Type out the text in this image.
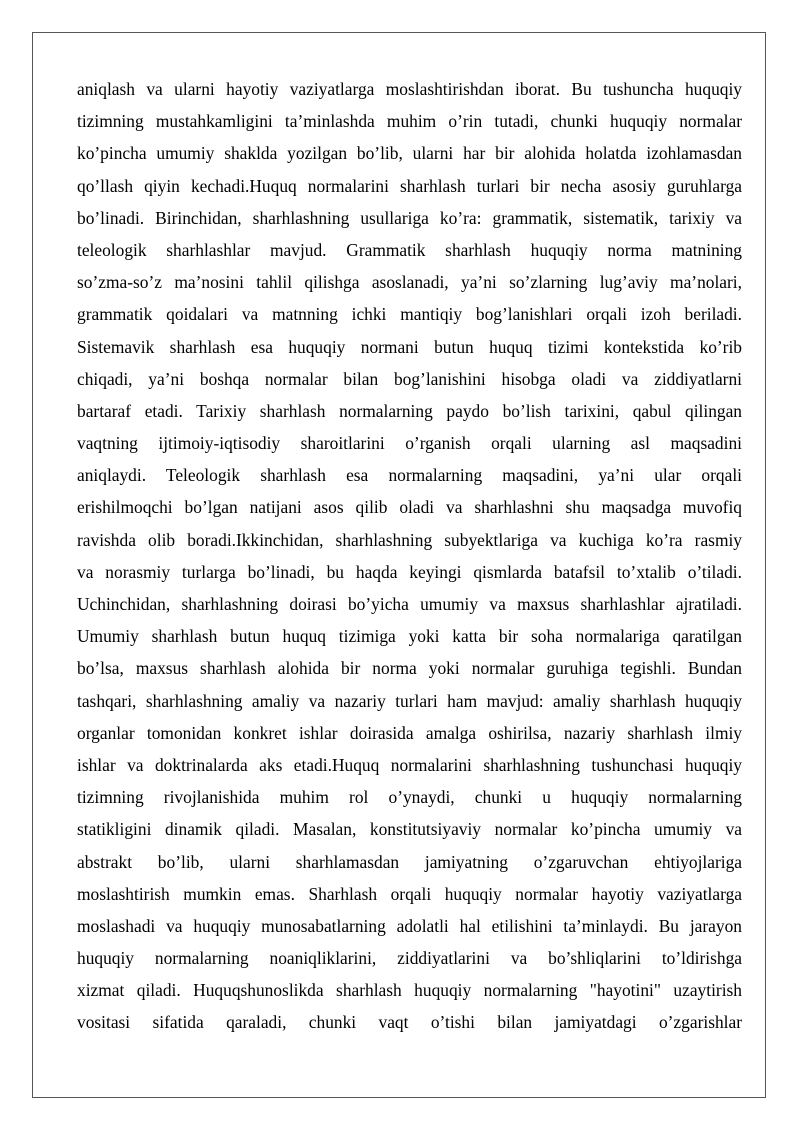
aniqlash va ularni hayotiy vaziyatlarga moslashtirishdan iborat. Bu tushuncha huquqiy
tizimning mustahkamligini ta’minlashda muhim o’rin tutadi, chunki huquqiy normalar
ko’pincha umumiy shaklda yozilgan bo’lib, ularni har bir alohida holatda izohlamasdan
qo’llash qiyin kechadi.Huquq normalarini sharhlash turlari bir necha asosiy guruhlarga
bo’linadi. Birinchidan, sharhlashning usullariga ko’ra: grammatik, sistematik, tarixiy va
teleologik sharhlashlar mavjud. Grammatik sharhlash huquqiy norma matnining
so’zma-so’z ma’nosini tahlil qilishga asoslanadi, ya’ni so’zlarning lug’aviy ma’nolari,
grammatik qoidalari va matnning ichki mantiqiy bog’lanishlari orqali izoh beriladi.
Sistemavik sharhlash esa huquqiy normani butun huquq tizimi kontekstida ko’rib
chiqadi, ya’ni boshqa normalar bilan bog’lanishini hisobga oladi va ziddiyatlarni
bartaraf etadi. Tarixiy sharhlash normalarning paydo bo’lish tarixini, qabul qilingan
vaqtning ijtimoiy-iqtisodiy sharoitlarini o’rganish orqali ularning asl maqsadini
aniqlaydi. Teleologik sharhlash esa normalarning maqsadini, ya’ni ular orqali
erishilmoqchi bo’lgan natijani asos qilib oladi va sharhlashni shu maqsadga muvofiq
ravishda olib boradi.Ikkinchidan, sharhlashning subyektlariga va kuchiga ko’ra rasmiy
va norasmiy turlarga bo’linadi, bu haqda keyingi qismlarda batafsil to’xtalib o’tiladi.
Uchinchidan, sharhlashning doirasi bo’yicha umumiy va maxsus sharhlashlar ajratiladi.
Umumiy sharhlash butun huquq tizimiga yoki katta bir soha normalariga qaratilgan
bo’lsa, maxsus sharhlash alohida bir norma yoki normalar guruhiga tegishli. Bundan
tashqari, sharhlashning amaliy va nazariy turlari ham mavjud: amaliy sharhlash huquqiy
organlar tomonidan konkret ishlar doirasida amalga oshirilsa, nazariy sharhlash ilmiy
ishlar va doktrinalarda aks etadi.Huquq normalarini sharhlashning tushunchasi huquqiy
tizimning rivojlanishida muhim rol o’ynaydi, chunki u huquqiy normalarning
statikligini dinamik qiladi. Masalan, konstitutsiyaviy normalar ko’pincha umumiy va
abstrakt bo’lib, ularni sharhlamasdan jamiyatning o’zgaruvchan ehtiyojlariga
moslashtirish mumkin emas. Sharhlash orqali huquqiy normalar hayotiy vaziyatlarga
moslashadi va huquqiy munosabatlarning adolatli hal etilishini ta’minlaydi. Bu jarayon
huquqiy normalarning noaniqliklarini, ziddiyatlarini va bo’shliqlarini to’ldirishga
xizmat qiladi. Huquqshunoslikda sharhlash huquqiy normalarning "hayotini" uzaytirish
vositasi sifatida qaraladi, chunki vaqt o’tishi bilan jamiyatdagi o’zgarishlar
